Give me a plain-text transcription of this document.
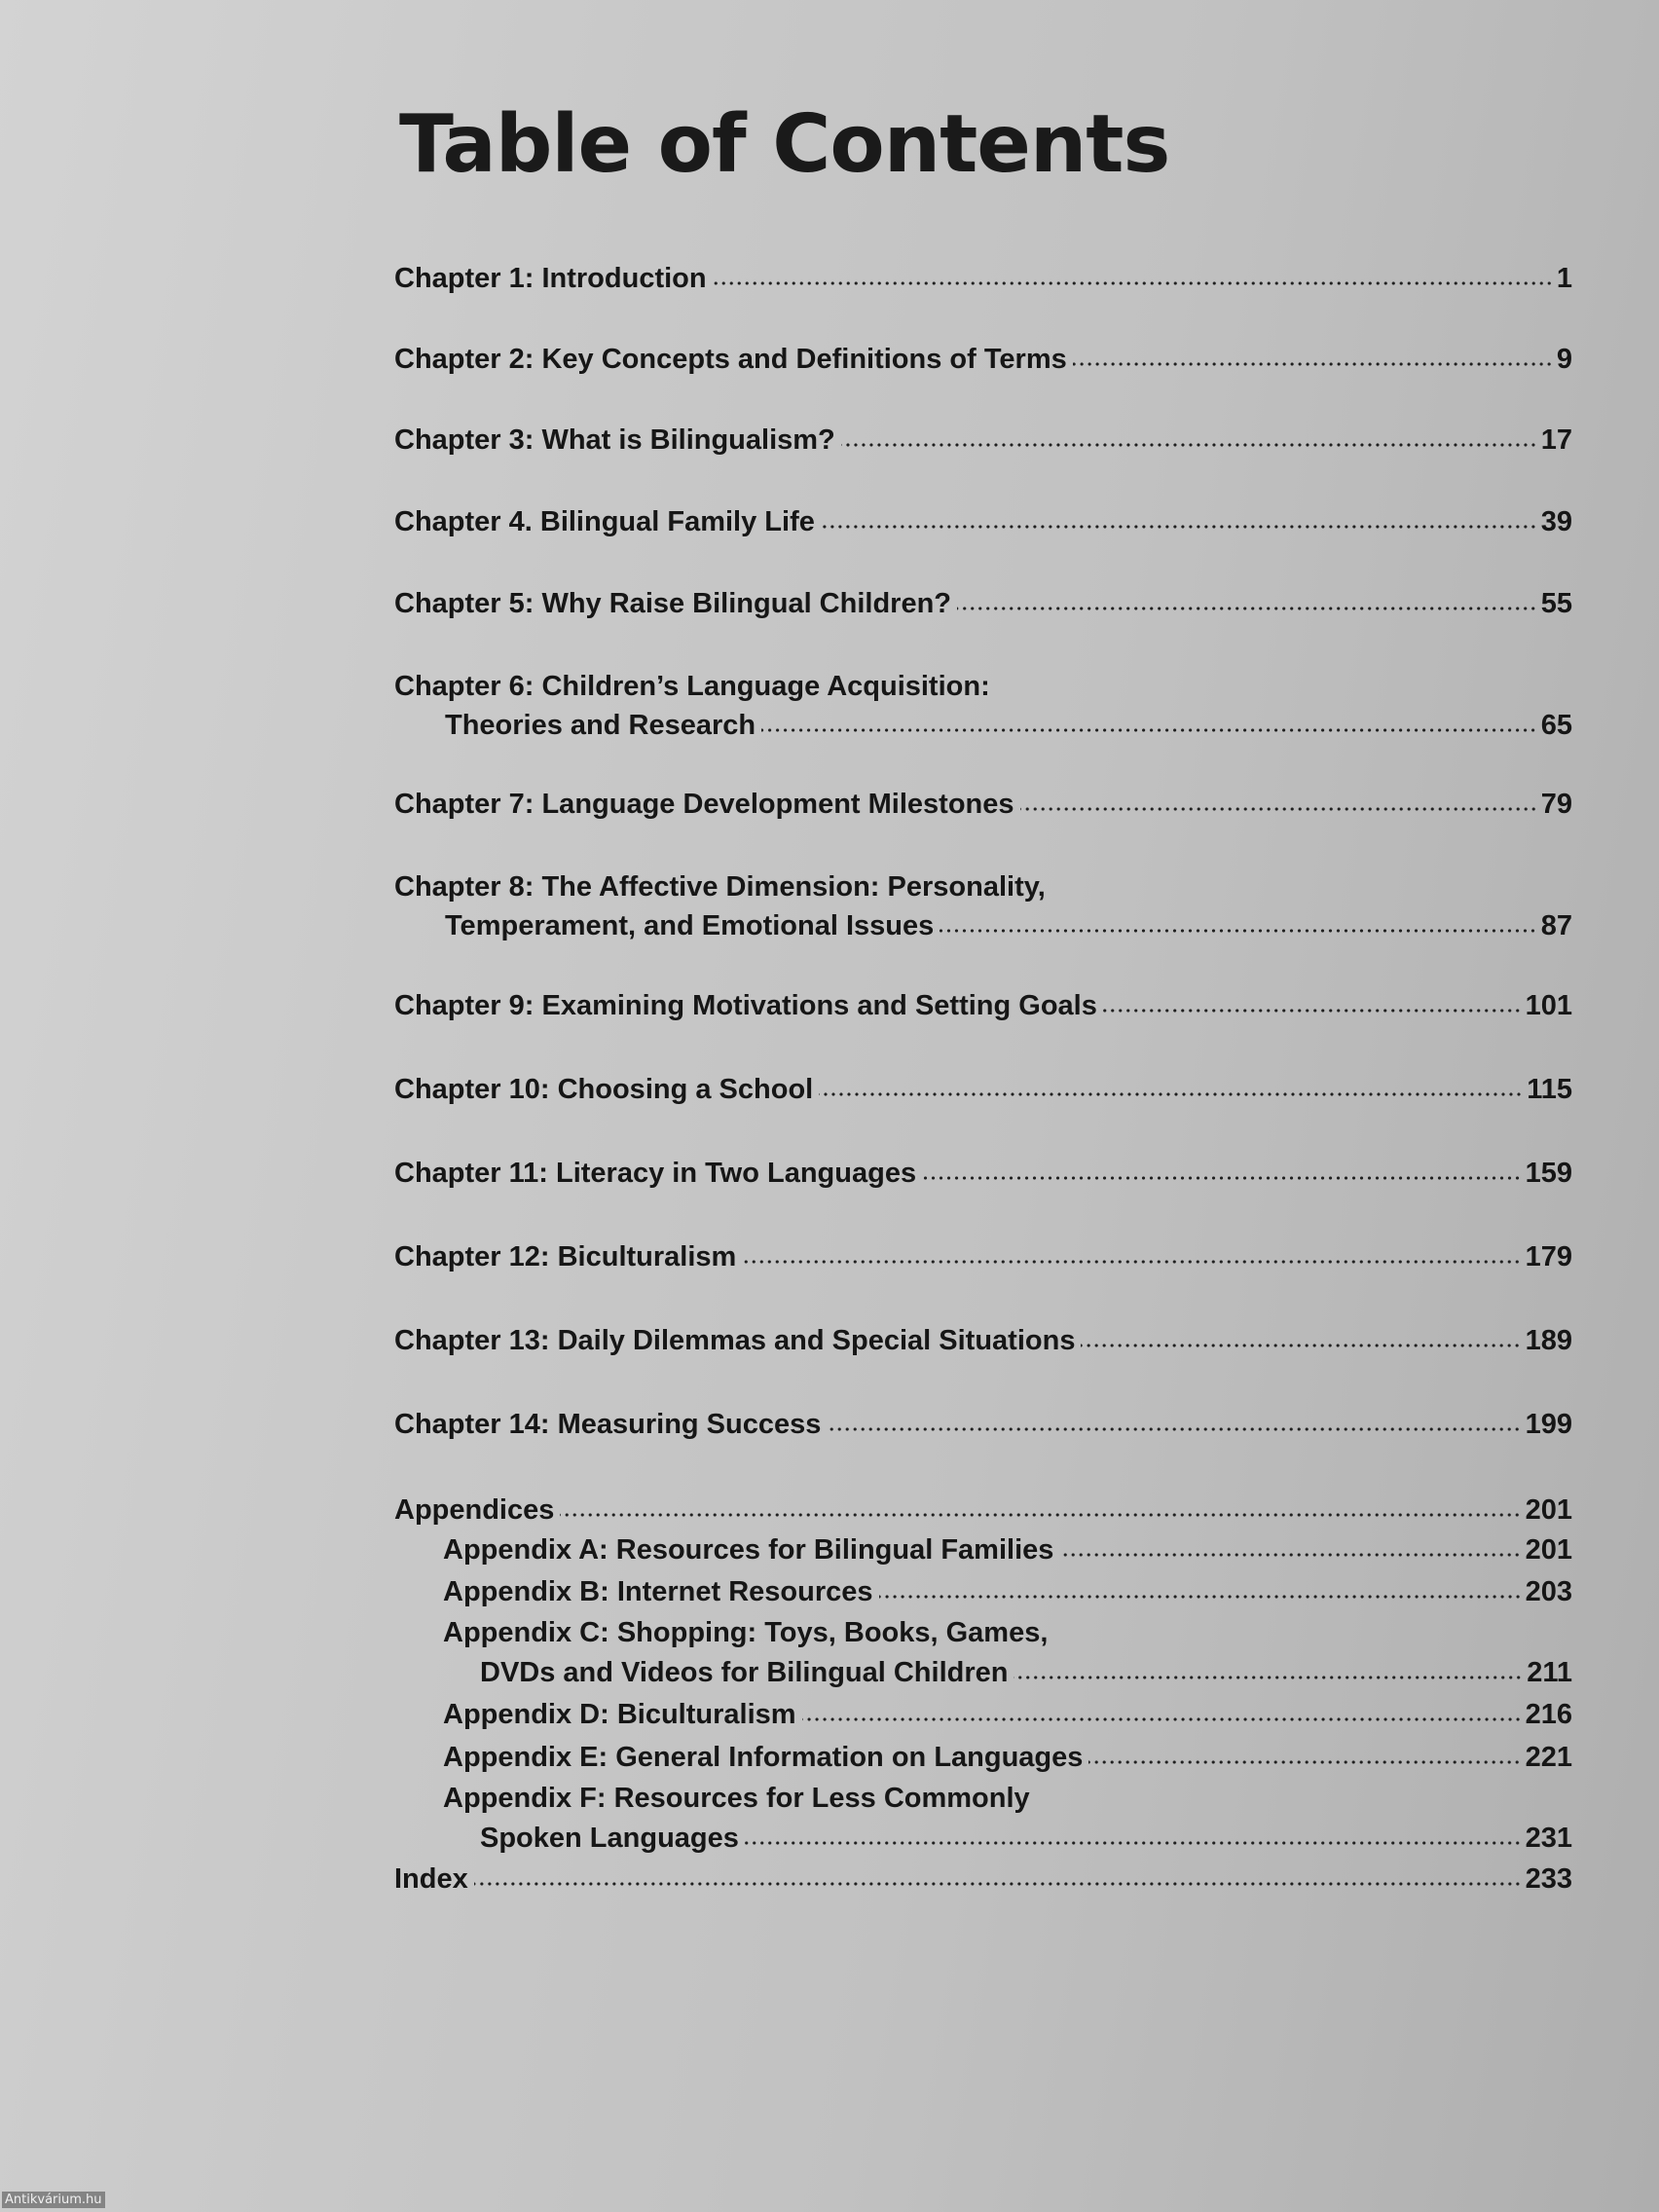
Table of Contents
Chapter 1: Introduction	1
Chapter 2: Key Concepts and Definitions of Terms	9
Chapter 3: What is Bilingualism?	17
Chapter 4. Bilingual Family Life	39
Chapter 5: Why Raise Bilingual Children?	55
Chapter 6: Children’s Language Acquisition:
Theories and Research	65
Chapter 7: Language Development Milestones	79
Chapter 8: The Affective Dimension: Personality,
Temperament, and Emotional Issues	87
Chapter 9: Examining Motivations and Setting Goals	101
Chapter 10: Choosing a School	115
Chapter 11: Literacy in Two Languages	159
Chapter 12: Biculturalism	179
Chapter 13: Daily Dilemmas and Special Situations	189
Chapter 14: Measuring Success	199
Appendices	201
Appendix A: Resources for Bilingual Families	201
Appendix B: Internet Resources	203
Appendix C: Shopping: Toys, Books, Games,
DVDs and Videos for Bilingual Children	211
Appendix D: Biculturalism	216
Appendix E: General Information on Languages	221
Appendix F: Resources for Less Commonly
Spoken Languages	231
Index	233
Antikvárium.hu
